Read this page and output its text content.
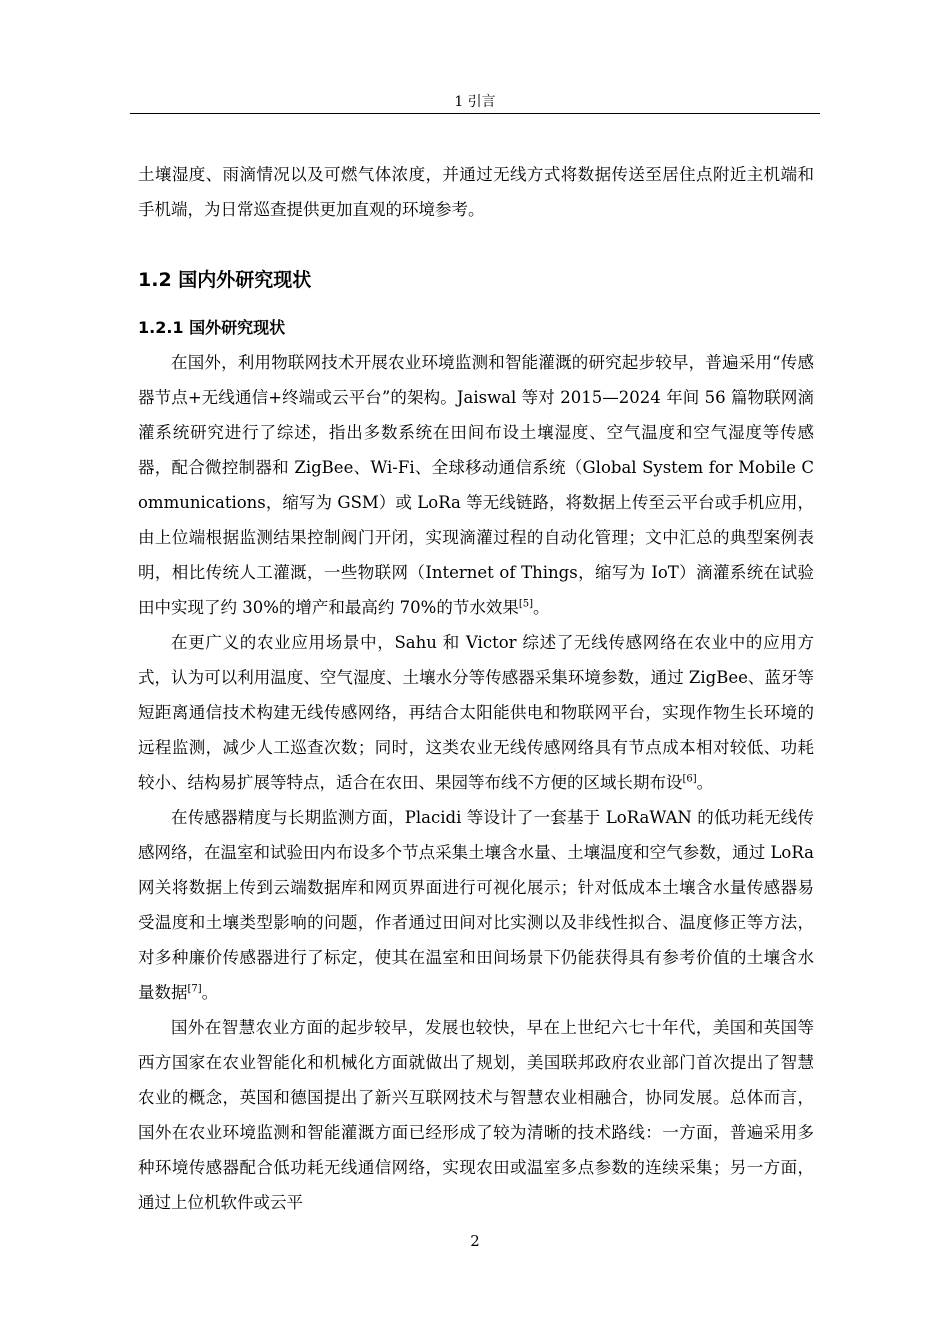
1 引言

土壤湿度、雨滴情况以及可燃气体浓度，并通过无线方式将数据传送至居住点附近主机端和手机端，为日常巡查提供更加直观的环境参考。

1.2 国内外研究现状
1.2.1 国外研究现状

在国外，利用物联网技术开展农业环境监测和智能灌溉的研究起步较早，普遍采用“传感器节点+无线通信+终端或云平台”的架构。Jaiswal 等对 2015—2024 年间 56 篇物联网滴灌系统研究进行了综述，指出多数系统在田间布设土壤湿度、空气温度和空气湿度等传感器，配合微控制器和 ZigBee、Wi-Fi、全球移动通信系统（Global System for Mobile Communications，缩写为 GSM）或 LoRa 等无线链路，将数据上传至云平台或手机应用，由上位端根据监测结果控制阀门开闭，实现滴灌过程的自动化管理；文中汇总的典型案例表明，相比传统人工灌溉，一些物联网（Internet of Things，缩写为 IoT）滴灌系统在试验田中实现了约 30%的增产和最高约 70%的节水效果[5]。

在更广义的农业应用场景中，Sahu 和 Victor 综述了无线传感网络在农业中的应用方式，认为可以利用温度、空气湿度、土壤水分等传感器采集环境参数，通过 ZigBee、蓝牙等短距离通信技术构建无线传感网络，再结合太阳能供电和物联网平台，实现作物生长环境的远程监测，减少人工巡查次数；同时，这类农业无线传感网络具有节点成本相对较低、功耗较小、结构易扩展等特点，适合在农田、果园等布线不方便的区域长期布设[6]。

在传感器精度与长期监测方面，Placidi 等设计了一套基于 LoRaWAN 的低功耗无线传感网络，在温室和试验田内布设多个节点采集土壤含水量、土壤温度和空气参数，通过 LoRa 网关将数据上传到云端数据库和网页界面进行可视化展示；针对低成本土壤含水量传感器易受温度和土壤类型影响的问题，作者通过田间对比实测以及非线性拟合、温度修正等方法，对多种廉价传感器进行了标定，使其在温室和田间场景下仍能获得具有参考价值的土壤含水量数据[7]。

国外在智慧农业方面的起步较早，发展也较快，早在上世纪六七十年代，美国和英国等西方国家在农业智能化和机械化方面就做出了规划，美国联邦政府农业部门首次提出了智慧农业的概念，英国和德国提出了新兴互联网技术与智慧农业相融合，协同发展。总体而言，国外在农业环境监测和智能灌溉方面已经形成了较为清晰的技术路线：一方面，普遍采用多种环境传感器配合低功耗无线通信网络，实现农田或温室多点参数的连续采集；另一方面，通过上位机软件或云平

2
